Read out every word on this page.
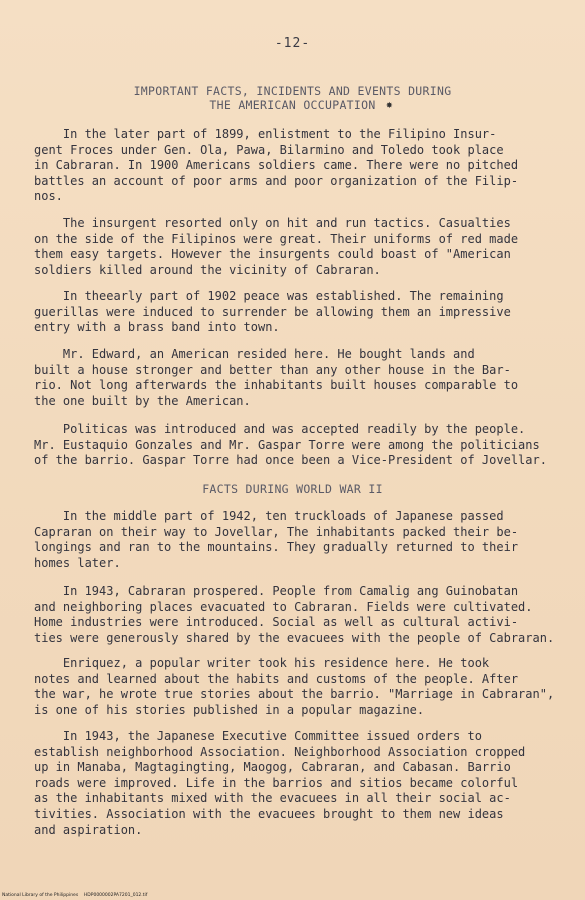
-12-
IMPORTANT FACTS, INCIDENTS AND EVENTS DURING
THE AMERICAN OCCUPATION ✸
In the later part of 1899, enlistment to the Filipino Insur-
gent Froces under Gen. Ola, Pawa, Bilarmino and Toledo took place
in Cabraran. In 1900 Americans soldiers came. There were no pitched
battles an account of poor arms and poor organization of the Filip-
nos.
The insurgent resorted only on hit and run tactics. Casualties
on the side of the Filipinos were great. Their uniforms of red made
them easy targets. However the insurgents could boast of "American
soldiers killed around the vicinity of Cabraran.
In theearly part of 1902 peace was established. The remaining
guerillas were induced to surrender be allowing them an impressive
entry with a brass band into town.
Mr. Edward, an American resided here. He bought lands and
built a house stronger and better than any other house in the Bar-
rio. Not long afterwards the inhabitants built houses comparable to
the one built by the American.
Politicas was introduced and was accepted readily by the people.
Mr. Eustaquio Gonzales and Mr. Gaspar Torre were among the politicians
of the barrio. Gaspar Torre had once been a Vice-President of Jovellar.
FACTS DURING WORLD WAR II
In the middle part of 1942, ten truckloads of Japanese passed
Capraran on their way to Jovellar, The inhabitants packed their be-
longings and ran to the mountains. They gradually returned to their
homes later.
In 1943, Cabraran prospered. People from Camalig ang Guinobatan
and neighboring places evacuated to Cabraran. Fields were cultivated.
Home industries were introduced. Social as well as cultural activi-
ties were generously shared by the evacuees with the people of Cabraran.
Enriquez, a popular writer took his residence here. He took
notes and learned about the habits and customs of the people. After
the war, he wrote true stories about the barrio. "Marriage in Cabraran",
is one of his stories published in a popular magazine.
In 1943, the Japanese Executive Committee issued orders to
establish neighborhood Association. Neighborhood Association cropped
up in Manaba, Magtagingting, Maogog, Cabraran, and Cabasan. Barrio
roads were improved. Life in the barrios and sitios became colorful
as the inhabitants mixed with the evacuees in all their social ac-
tivities. Association with the evacuees brought to them new ideas
and aspiration.
National Library of the Philippines    HDP0000002PA7201_012.tif
